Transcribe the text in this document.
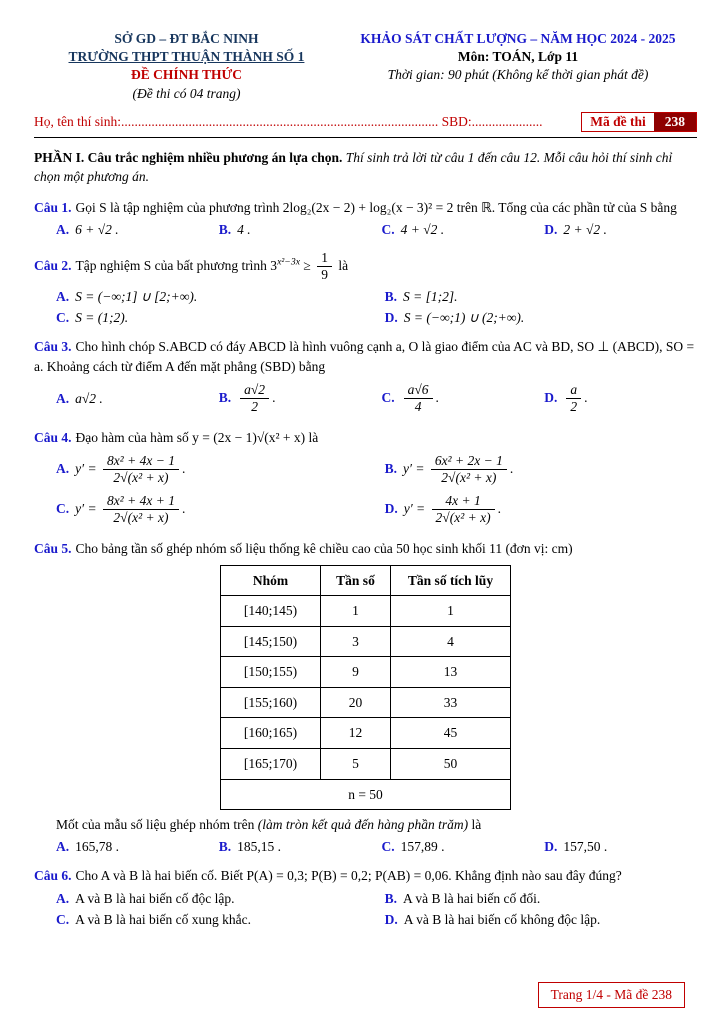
SỞ GD – ĐT BẮC NINH
TRƯỜNG THPT THUẬN THÀNH SỐ 1
ĐỀ CHÍNH THỨC
(Đề thi có 04 trang)
KHẢO SÁT CHẤT LƯỢNG – NĂM HỌC 2024 - 2025
Môn: TOÁN, Lớp 11
Thời gian: 90 phút (Không kể thời gian phát đề)
Họ, tên thí sinh:.............................................................................................. SBD:.....................	Mã đề thi	238
PHẦN I. Câu trắc nghiệm nhiều phương án lựa chọn. Thí sinh trả lời từ câu 1 đến câu 12. Mỗi câu hỏi thí sinh chỉ chọn một phương án.
Câu 1. Gọi S là tập nghiệm của phương trình 2log₂(2x − 2) + log₂(x − 3)² = 2 trên ℝ. Tổng của các phần tử của S bằng
A. 6 + √2 .	B. 4 .	C. 4 + √2 .	D. 2 + √2 .
Câu 2. Tập nghiệm S của bất phương trình $3^{x^2-3x} \ge \frac{1}{9}$ là
A. S = (−∞;1] ∪ [2;+∞).	B. S = [1;2].
C. S = (1;2).	D. S = (−∞;1) ∪ (2;+∞).
Câu 3. Cho hình chóp S.ABCD có đáy ABCD là hình vuông cạnh a, O là giao điểm của AC và BD, SO ⊥ (ABCD), SO = a. Khoảng cách từ điểm A đến mặt phẳng (SBD) bằng
A. a√2 .	B. $\frac{a√2}{2}$ .	C. $\frac{a√6}{4}$ .	D. $\frac{a}{2}$ .
Câu 4. Đạo hàm của hàm số y = (2x − 1)√(x² + x) là
A. $y' = \frac{\text{8x² + 4x − 1}}{\text{2√(x² + x)}}$ .	B. $y' = \frac{\text{6x² + 2x − 1}}{\text{2√(x² + x)}}$ .
C. $y' = \frac{\text{8x² + 4x + 1}}{\text{2√(x² + x)}}$ .	D. $y' = \frac{4x + 1}{\text{2√(x² + x)}}$ .
Câu 5. Cho bảng tần số ghép nhóm số liệu thống kê chiều cao của 50 học sinh khối 11 (đơn vị: cm)
Nhóm	Tần số	Tần số tích lũy
[140;145)	1	1
[145;150)	3	4
[150;155)	9	13
[155;160)	20	33
[160;165)	12	45
[165;170)	5	50
n = 50		
Mốt của mẫu số liệu ghép nhóm trên (làm tròn kết quả đến hàng phần trăm) là
A. 165,78 .	B. 185,15 .	C. 157,89 .	D. 157,50 .
Câu 6. Cho A và B là hai biến cố. Biết P(A) = 0,3; P(B) = 0,2; P(AB) = 0,06. Khẳng định nào sau đây đúng?
A. A và B là hai biến cố độc lập.	B. A và B là hai biến cố đối.
C. A và B là hai biến cố xung khắc.	D. A và B là hai biến cố không độc lập.
Trang 1/4 - Mã đề 238
